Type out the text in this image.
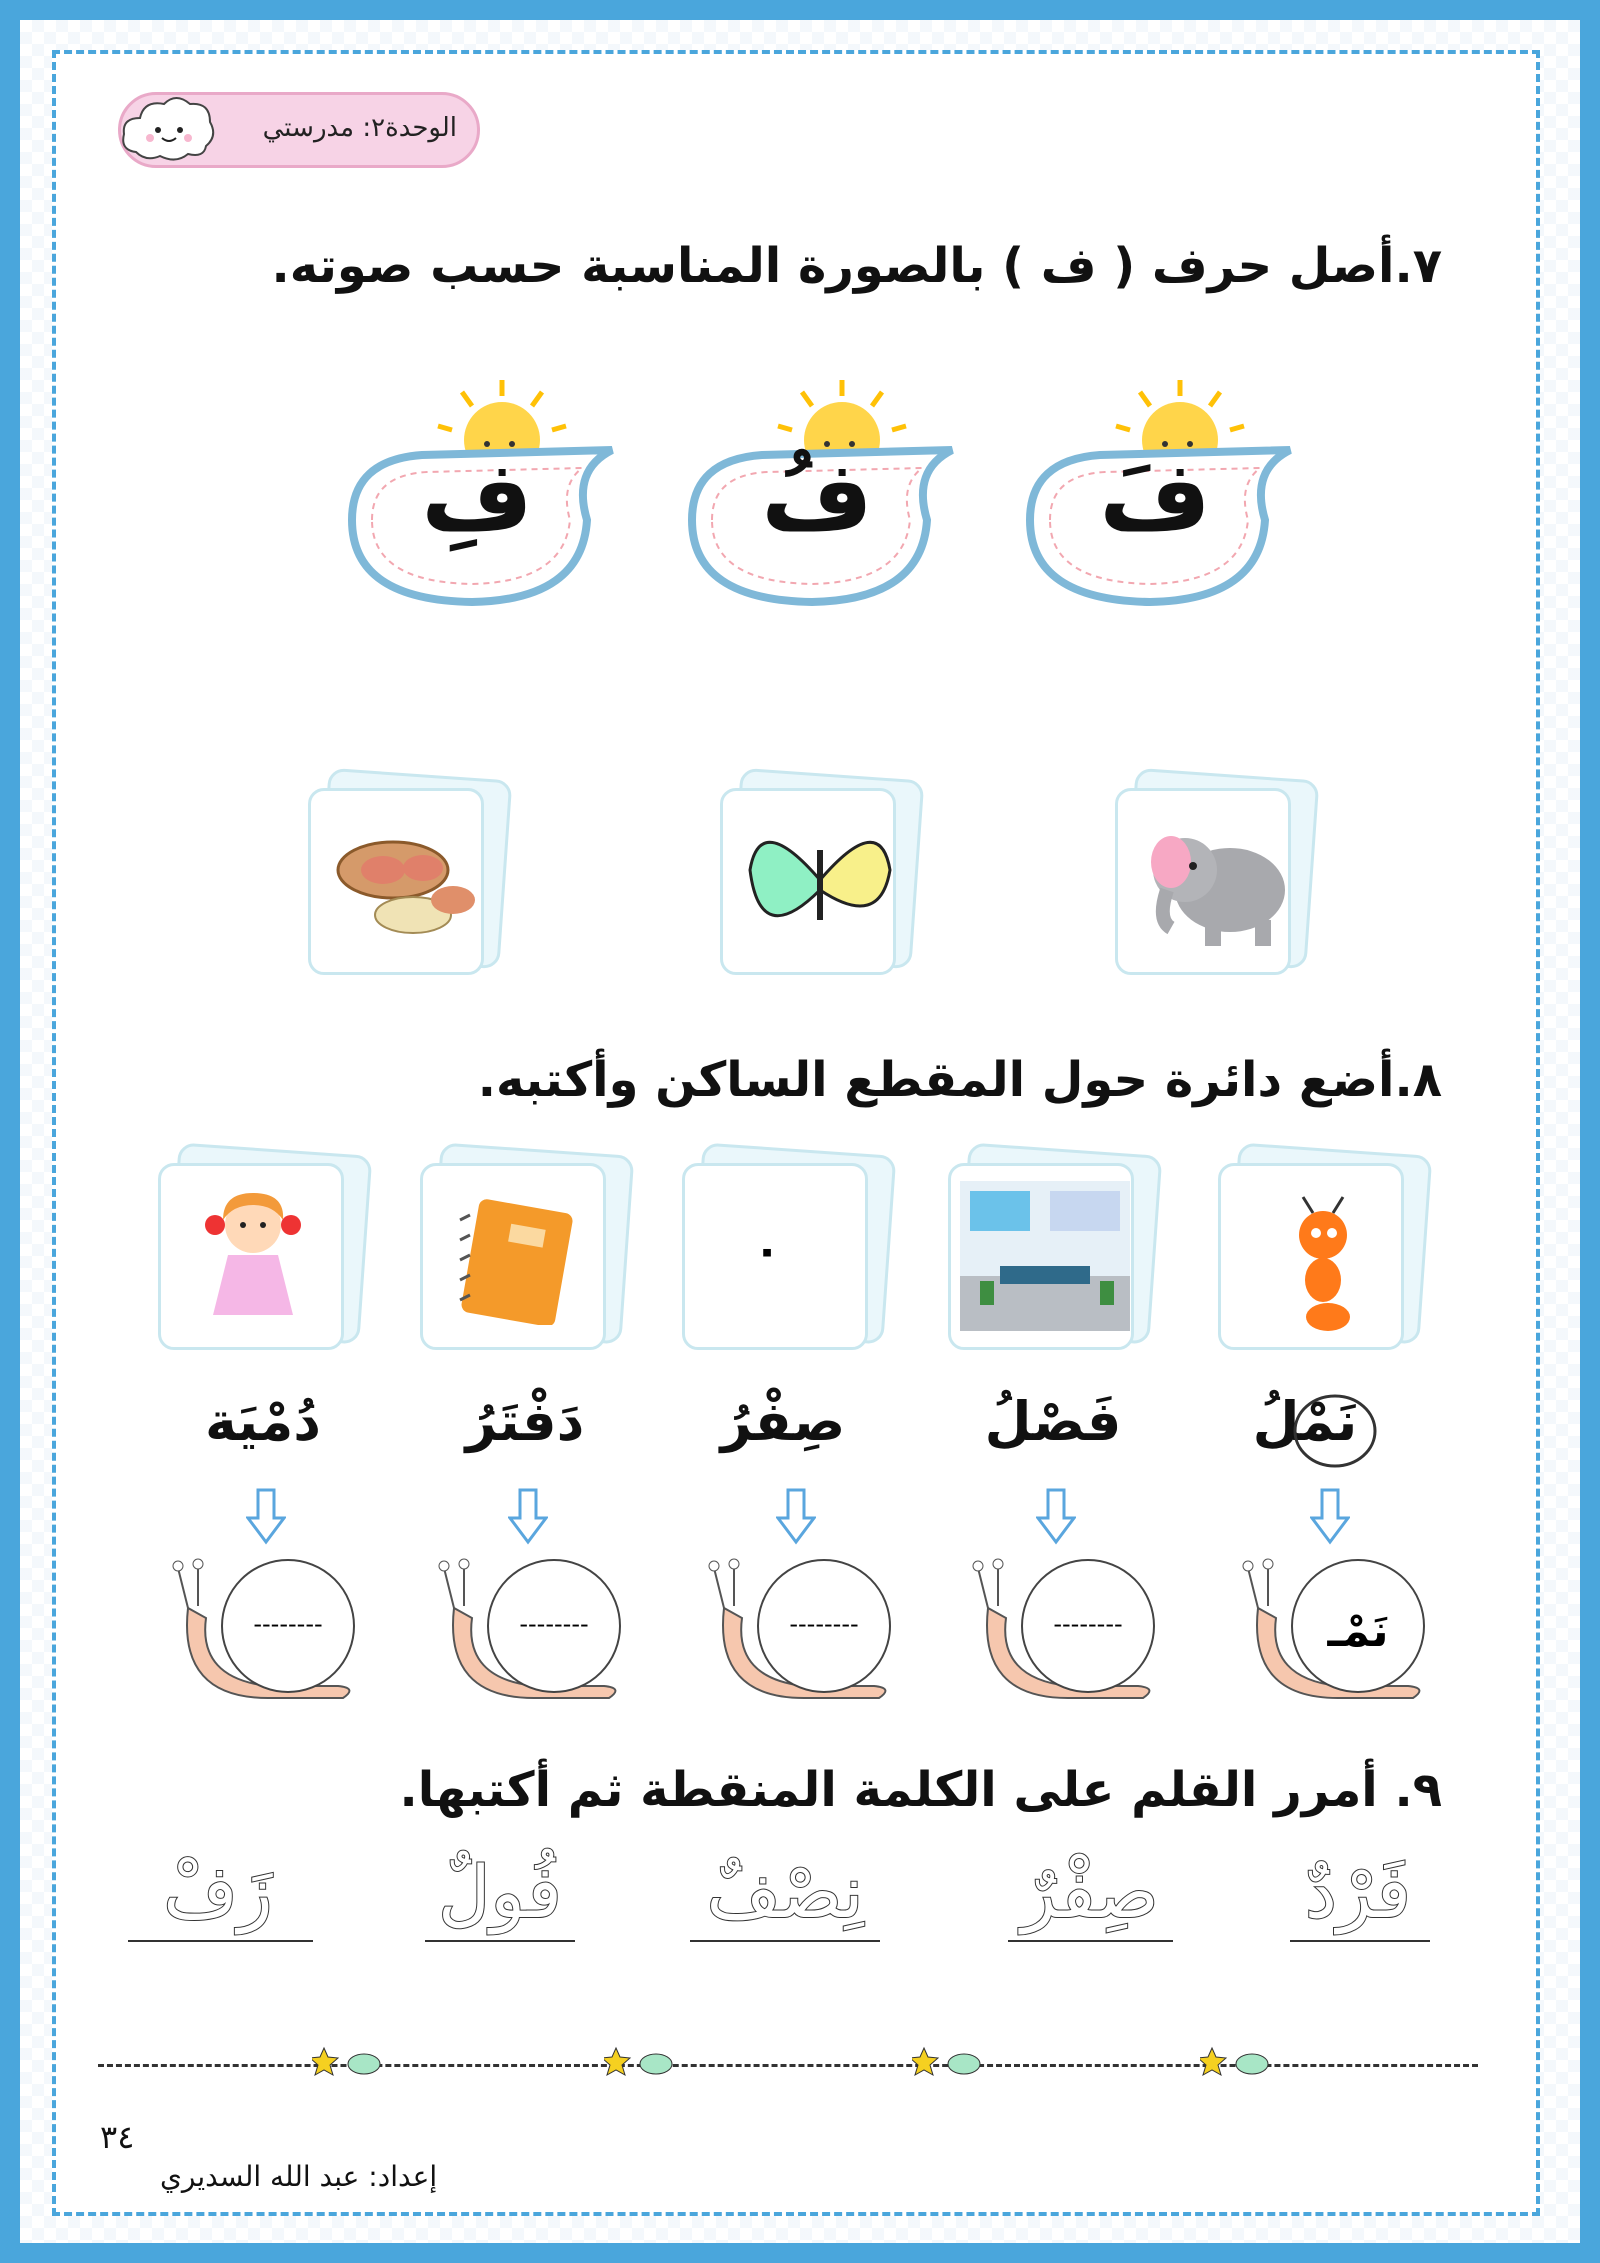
الوحدة٢: مدرستي
٧.أصل حرف ( ف ) بالصورة المناسبة حسب صوته.
فَ
فُ
فِ
٨.أضع دائرة حول المقطع الساكن وأكتبه.
٠
نَمْلُ
فَصْلُ
صِفْرُ
دَفْتَرُ
دُمْيَة
نَمْـ
--------
--------
--------
--------
٩. أمرر القلم على الكلمة المنقطة ثم أكتبها.
فَرْدٌ
صِفْرٌ
نِصْفٌ
فُولٌ
زَفْ
٣٤
إعداد: عبد الله السديري
